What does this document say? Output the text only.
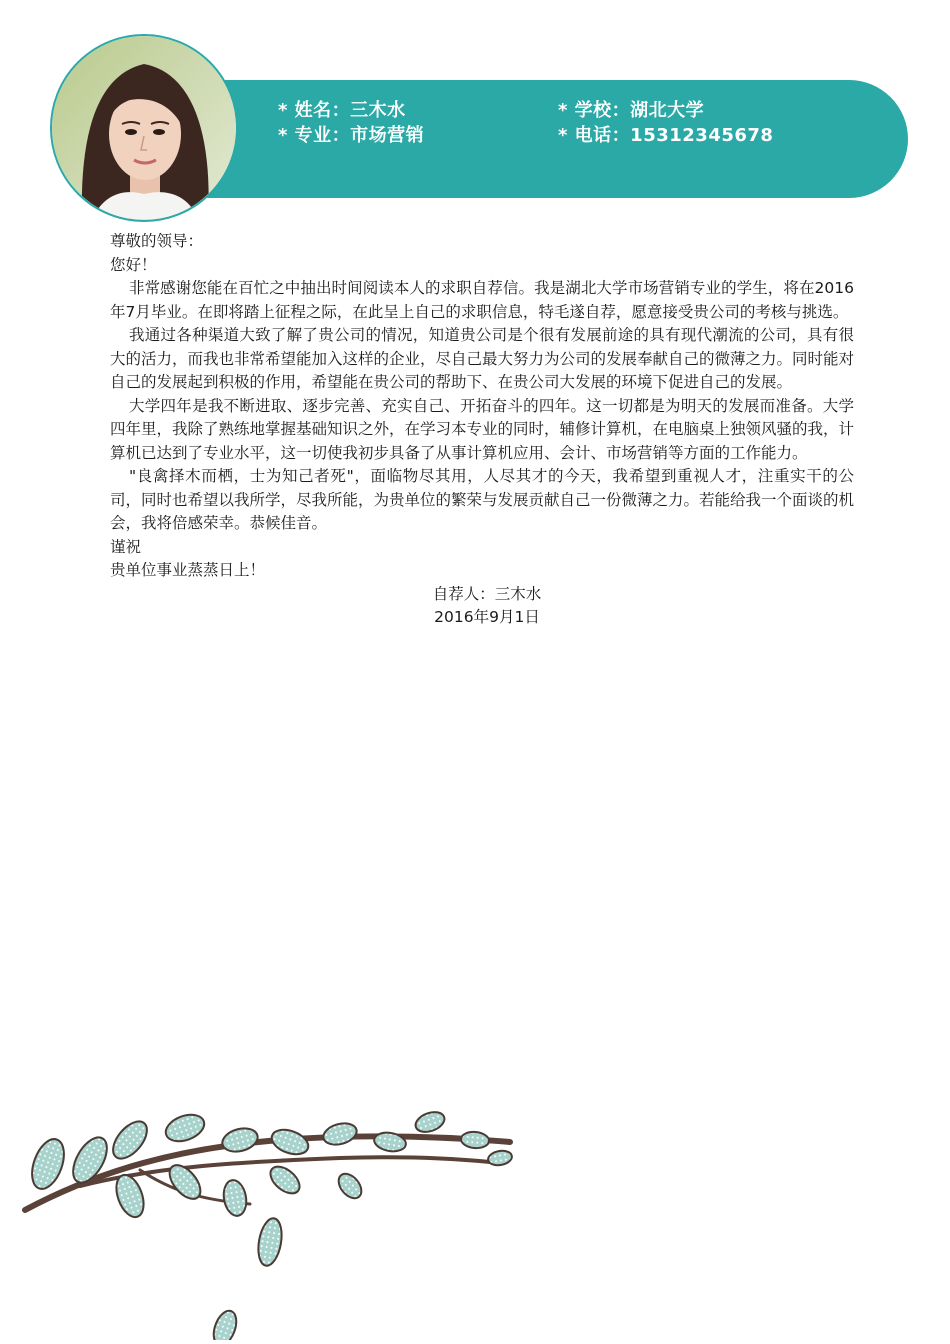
* 姓名：三木水	* 学校：湖北大学
* 专业：市场营销	* 电话：15312345678

尊敬的领导：

您好！

非常感谢您能在百忙之中抽出时间阅读本人的求职自荐信。我是湖北大学市场营销专业的学生，将在2016年7月毕业。在即将踏上征程之际，在此呈上自己的求职信息，特毛遂自荐，愿意接受贵公司的考核与挑选。

我通过各种渠道大致了解了贵公司的情况，知道贵公司是个很有发展前途的具有现代潮流的公司，具有很大的活力，而我也非常希望能加入这样的企业，尽自己最大努力为公司的发展奉献自己的微薄之力。同时能对自己的发展起到积极的作用，希望能在贵公司的帮助下、在贵公司大发展的环境下促进自己的发展。

大学四年是我不断进取、逐步完善、充实自己、开拓奋斗的四年。这一切都是为明天的发展而准备。大学四年里，我除了熟练地掌握基础知识之外，在学习本专业的同时，辅修计算机，在电脑桌上独领风骚的我，计算机已达到了专业水平，这一切使我初步具备了从事计算机应用、会计、市场营销等方面的工作能力。

"良禽择木而栖，士为知己者死"，面临物尽其用，人尽其才的今天，我希望到重视人才，注重实干的公司，同时也希望以我所学，尽我所能，为贵单位的繁荣与发展贡献自己一份微薄之力。若能给我一个面谈的机会，我将倍感荣幸。恭候佳音。

谨祝

贵单位事业蒸蒸日上！

自荐人：三木水

2016年9月1日
